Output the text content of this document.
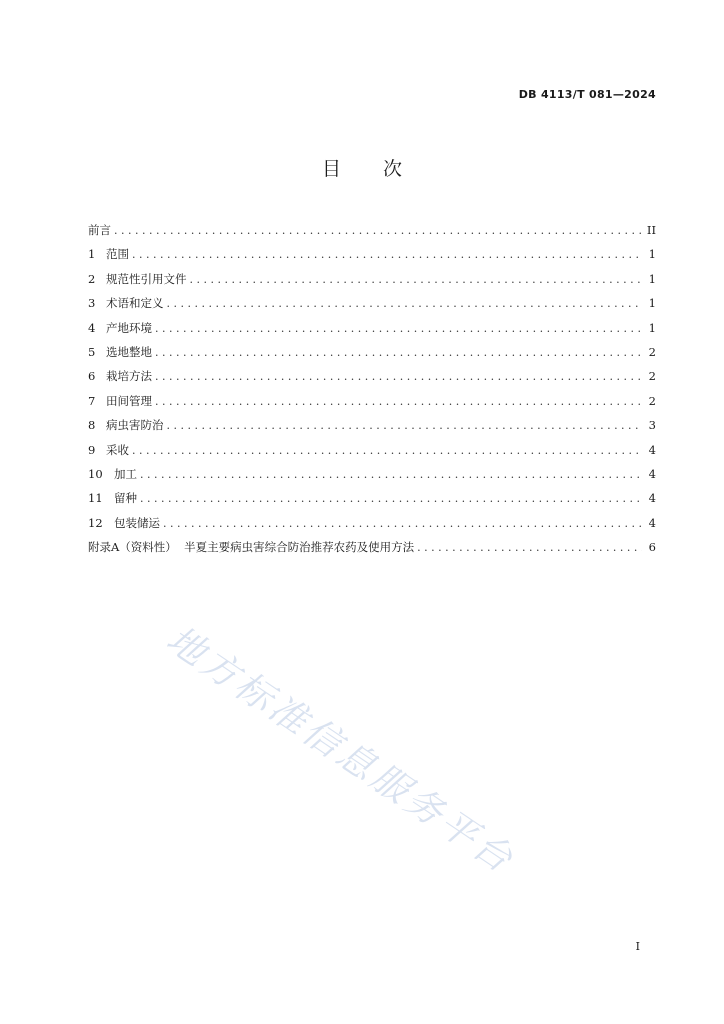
DB 4113/T 081—2024
目 次
前言 . . .	II
1 范围 . . .	1
2 规范性引用文件 . . .	1
3 术语和定义 . . .	1
4 产地环境 . . .	1
5 选地整地 . . .	2
6 栽培方法 . . .	2
7 田间管理 . . .	2
8 病虫害防治 . . .	3
9 采收 . . .	4
10 加工 . . .	4
11 留种 . . .	4
12 包装储运 . . .	4
附录A（资料性）  半夏主要病虫害综合防治推荐农药及使用方法 . . .	6
地方标准信息服务平台
I
